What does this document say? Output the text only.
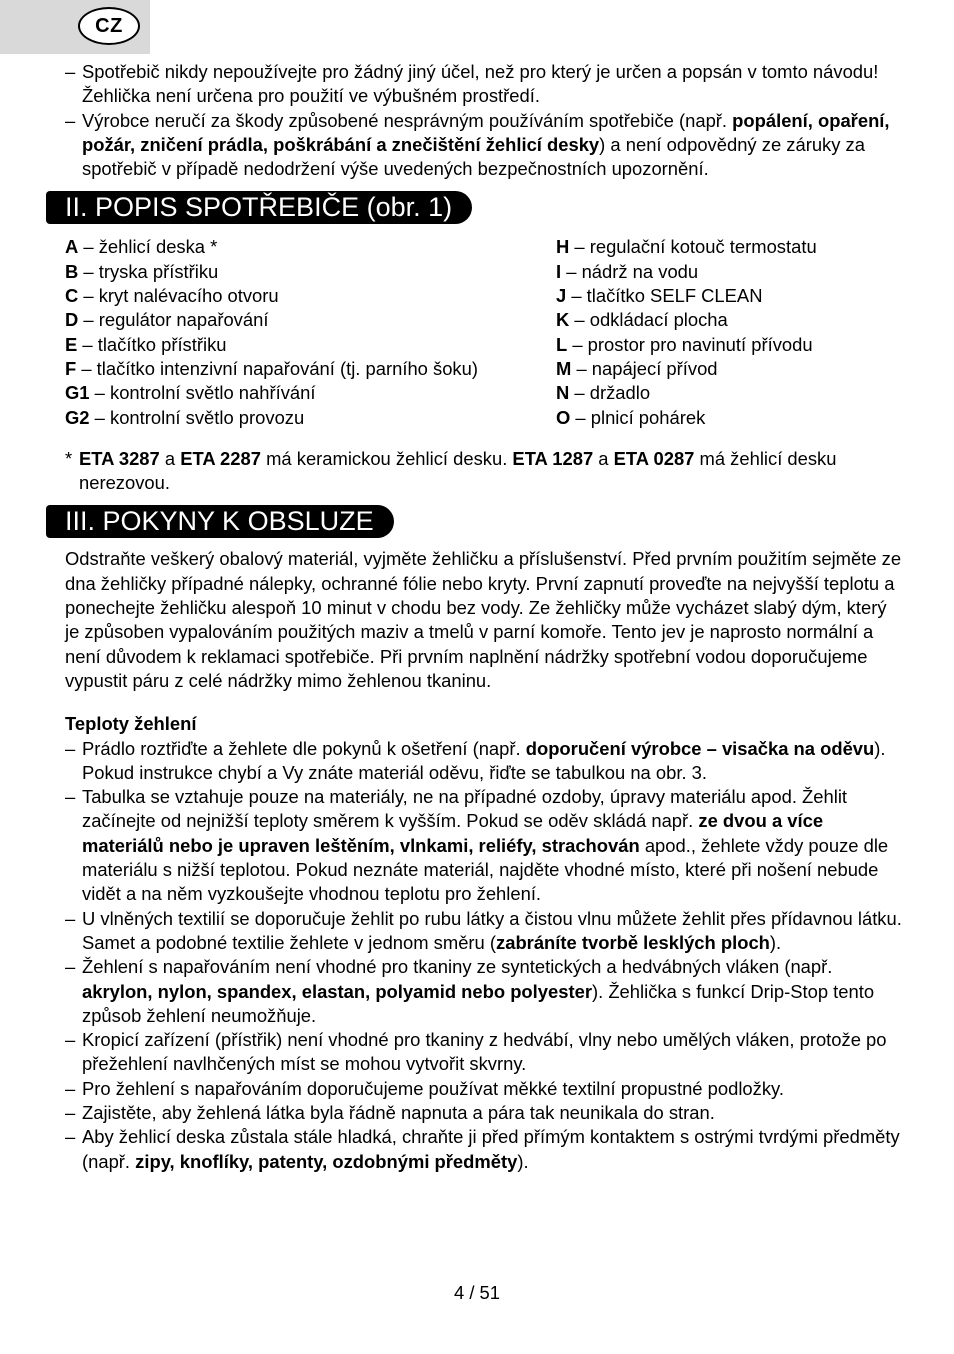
CZ
– Spotřebič nikdy nepoužívejte pro žádný jiný účel, než pro který je určen a popsán v tomto návodu! Žehlička není určena pro použití ve výbušném prostředí.
– Výrobce neručí za škody způsobené nesprávným používáním spotřebiče (např. popálení, opaření, požár, zničení prádla, poškrábání a znečištění žehlicí desky) a není odpovědný ze záruky za spotřebič v případě nedodržení výše uvedených bezpečnostních upozornění.
II. POPIS SPOTŘEBIČE (obr. 1)
A – žehlicí deska *
B – tryska přístřiku
C – kryt nalévacího otvoru
D – regulátor napařování
E – tlačítko přístřiku
F – tlačítko intenzivní napařování (tj. parního šoku)
G1 – kontrolní světlo nahřívání
G2 – kontrolní světlo provozu
H – regulační kotouč termostatu
I – nádrž na vodu
J – tlačítko SELF CLEAN
K – odkládací plocha
L – prostor pro navinutí přívodu
M – napájecí přívod
N – držadlo
O – plnicí pohárek
* ETA 3287 a ETA 2287 má keramickou žehlicí desku. ETA 1287 a ETA 0287 má žehlicí desku nerezovou.
III. POKYNY K OBSLUZE
Odstraňte veškerý obalový materiál, vyjměte žehličku a příslušenství. Před prvním použitím sejměte ze dna žehličky případné nálepky, ochranné fólie nebo kryty. První zapnutí proveďte na nejvyšší teplotu a ponechejte žehličku alespoň 10 minut v chodu bez vody. Ze žehličky může vycházet slabý dým, který je způsoben vypalováním použitých maziv a tmelů v parní komoře. Tento jev je naprosto normální a není důvodem k reklamaci spotřebiče. Při prvním naplnění nádržky spotřební vodou doporučujeme vypustit páru z celé nádržky mimo žehlenou tkaninu.
Teploty žehlení
– Prádlo roztřiďte a žehlete dle pokynů k ošetření (např. doporučení výrobce – visačka na oděvu). Pokud instrukce chybí a Vy znáte materiál oděvu, řiďte se tabulkou na obr. 3.
– Tabulka se vztahuje pouze na materiály, ne na případné ozdoby, úpravy materiálu apod. Žehlit začínejte od nejnižší teploty směrem k vyšším. Pokud se oděv skládá např. ze dvou a více materiálů nebo je upraven leštěním, vlnkami, reliéfy, strachován apod., žehlete vždy pouze dle materiálu s nižší teplotou. Pokud neznáte materiál, najděte vhodné místo, které při nošení nebude vidět a na něm vyzkoušejte vhodnou teplotu pro žehlení.
– U vlněných textilií se doporučuje žehlit po rubu látky a čistou vlnu můžete žehlit přes přídavnou látku. Samet a podobné textilie žehlete v jednom směru (zabráníte tvorbě lesklých ploch).
– Žehlení s napařováním není vhodné pro tkaniny ze syntetických a hedvábných vláken (např. akrylon, nylon, spandex, elastan, polyamid nebo polyester). Žehlička s funkcí Drip-Stop tento způsob žehlení neumožňuje.
– Kropicí zařízení (přístřik) není vhodné pro tkaniny z hedvábí, vlny nebo umělých vláken, protože po přežehlení navlhčených míst se mohou vytvořit skvrny.
– Pro žehlení s napařováním doporučujeme používat měkké textilní propustné podložky.
– Zajistěte, aby žehlená látka byla řádně napnuta a pára tak neunikala do stran.
– Aby žehlicí deska zůstala stále hladká, chraňte ji před přímým kontaktem s ostrými tvrdými předměty (např. zipy, knoflíky, patenty, ozdobnými předměty).
4 / 51
